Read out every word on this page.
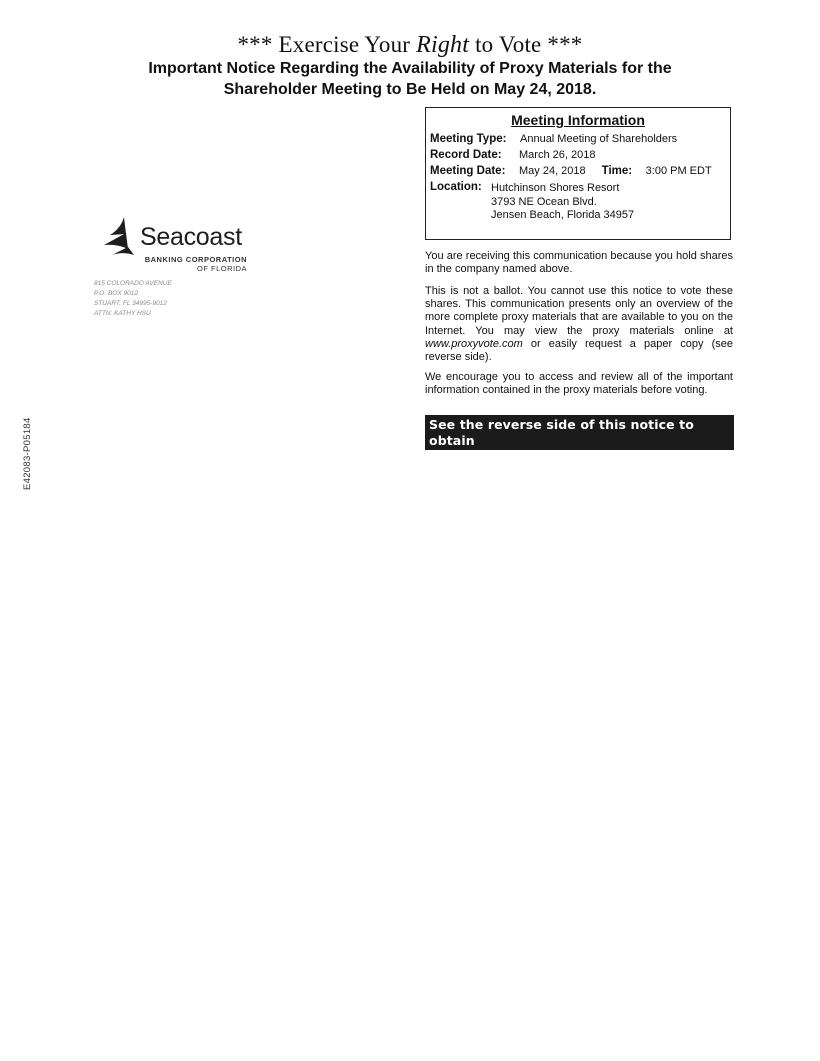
*** Exercise Your Right to Vote ***
Important Notice Regarding the Availability of Proxy Materials for the
Shareholder Meeting to Be Held on May 24, 2018.
Seacoast
BANKING CORPORATION
OF FLORIDA
815 COLORADO AVENUE
P.O. BOX 9012
STUART, FL 34995-9012
ATTN: KATHY HSU
Meeting Information
Meeting Type: Annual Meeting of Shareholders
Record Date: March 26, 2018
Meeting Date: May 24, 2018 Time: 3:00 PM EDT
Location: Hutchinson Shores Resort
3793 NE Ocean Blvd.
Jensen Beach, Florida 34957
You are receiving this communication because you hold shares in the company named above.
This is not a ballot. You cannot use this notice to vote these shares. This communication presents only an overview of the more complete proxy materials that are available to you on the Internet. You may view the proxy materials online at www.proxyvote.com or easily request a paper copy (see reverse side).
We encourage you to access and review all of the important information contained in the proxy materials before voting.
See the reverse side of this notice to obtain
proxy materials and voting instructions.
E42083-P05184
